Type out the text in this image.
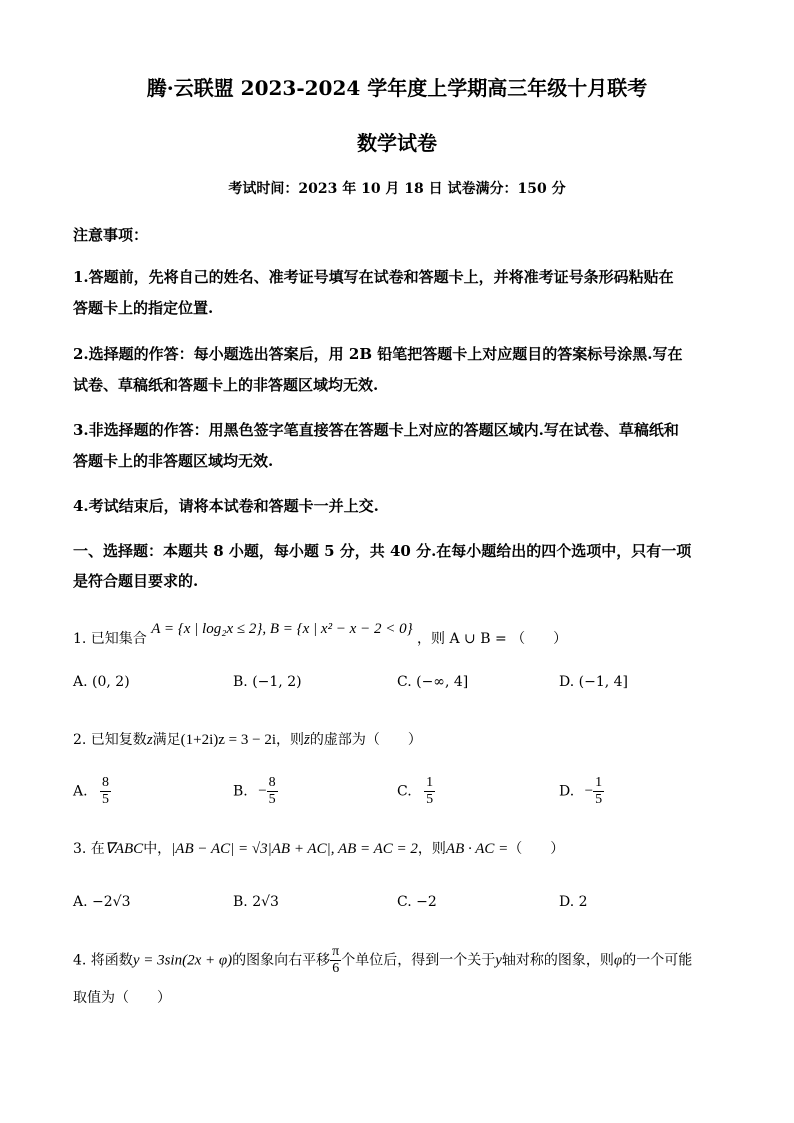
腾·云联盟 2023-2024 学年度上学期高三年级十月联考
数学试卷
考试时间：2023 年 10 月 18 日 试卷满分：150 分
注意事项：
1.答题前，先将自己的姓名、准考证号填写在试卷和答题卡上，并将准考证号条形码粘贴在
答题卡上的指定位置.
2.选择题的作答：每小题选出答案后，用 2B 铅笔把答题卡上对应题目的答案标号涂黑.写在
试卷、草稿纸和答题卡上的非答题区域均无效.
3.非选择题的作答：用黑色签字笔直接答在答题卡上对应的答题区域内.写在试卷、草稿纸和
答题卡上的非答题区域均无效.
4.考试结束后，请将本试卷和答题卡一并上交.
一、选择题：本题共 8 小题，每小题 5 分，共 40 分.在每小题给出的四个选项中，只有一项
是符合题目要求的.
1. 已知集合 A = {x | log₂x ≤ 2}, B = {x | x² − x − 2 < 0} ，则 A ∪ B = （　　）
A. (0, 2)	B. (−1, 2)	C. (−∞, 4]	D. (−1, 4]
2. 已知复数z满足(1+2i)z = 3 − 2i，则z̄的虚部为（　　）
A. $\frac{8}{5}$	B. − $\frac{8}{5}$	C. $\frac{1}{5}$	D. − $\frac{1}{5}$
3. 在∇ABC中，|AB − AC| = √3|AB + AC|, AB = AC = 2，则AB · AC =（　　）
A. −2√3	B. 2√3	C. −2	D. 2
4. 将函数y = 3sin(2x + φ)的图象向右平移 $\frac{\pi}{6}$ 个单位后，得到一个关于y轴对称的图象，则φ的一个可能
取值为（　　）
